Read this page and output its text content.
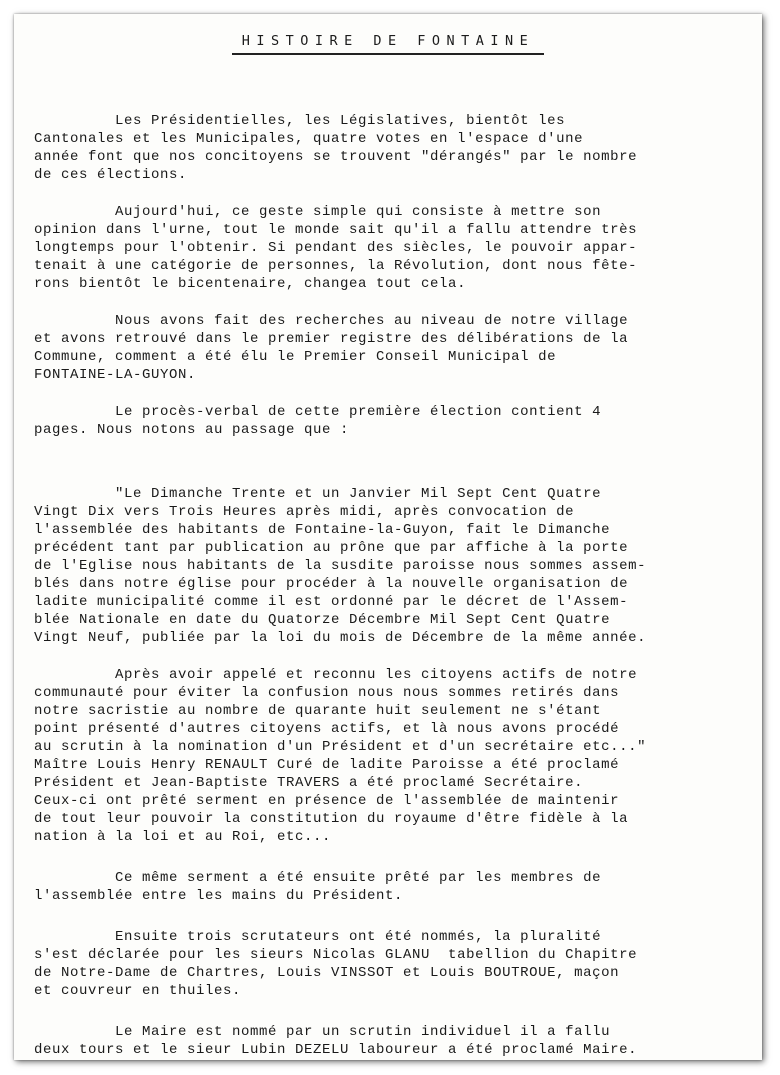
HISTOIRE DE FONTAINE
Les Présidentielles, les Législatives, bientôt les
Cantonales et les Municipales, quatre votes en l'espace d'une
année font que nos concitoyens se trouvent "dérangés" par le nombre
de ces élections.
Aujourd'hui, ce geste simple qui consiste à mettre son
opinion dans l'urne, tout le monde sait qu'il a fallu attendre très
longtemps pour l'obtenir. Si pendant des siècles, le pouvoir appar-
tenait à une catégorie de personnes, la Révolution, dont nous fête-
rons bientôt le bicentenaire, changea tout cela.
Nous avons fait des recherches au niveau de notre village
et avons retrouvé dans le premier registre des délibérations de la
Commune, comment a été élu le Premier Conseil Municipal de
FONTAINE-LA-GUYON.
Le procès-verbal de cette première élection contient 4
pages. Nous notons au passage que :
"Le Dimanche Trente et un Janvier Mil Sept Cent Quatre
Vingt Dix vers Trois Heures après midi, après convocation de
l'assemblée des habitants de Fontaine-la-Guyon, fait le Dimanche
précédent tant par publication au prône que par affiche à la porte
de l'Eglise nous habitants de la susdite paroisse nous sommes assem-
blés dans notre église pour procéder à la nouvelle organisation de
ladite municipalité comme il est ordonné par le décret de l'Assem-
blée Nationale en date du Quatorze Décembre Mil Sept Cent Quatre
Vingt Neuf, publiée par la loi du mois de Décembre de la même année.
Après avoir appelé et reconnu les citoyens actifs de notre
communauté pour éviter la confusion nous nous sommes retirés dans
notre sacristie au nombre de quarante huit seulement ne s'étant
point présenté d'autres citoyens actifs, et là nous avons procédé
au scrutin à la nomination d'un Président et d'un secrétaire etc..."
Maître Louis Henry RENAULT Curé de ladite Paroisse a été proclamé
Président et Jean-Baptiste TRAVERS a été proclamé Secrétaire.
Ceux-ci ont prêté serment en présence de l'assemblée de maintenir
de tout leur pouvoir la constitution du royaume d'être fidèle à la
nation à la loi et au Roi, etc...
Ce même serment a été ensuite prêté par les membres de
l'assemblée entre les mains du Président.
Ensuite trois scrutateurs ont été nommés, la pluralité
s'est déclarée pour les sieurs Nicolas GLANU  tabellion du Chapitre
de Notre-Dame de Chartres, Louis VINSSOT et Louis BOUTROUE, maçon
et couvreur en thuiles.
Le Maire est nommé par un scrutin individuel il a fallu
deux tours et le sieur Lubin DEZELU laboureur a été proclamé Maire.
